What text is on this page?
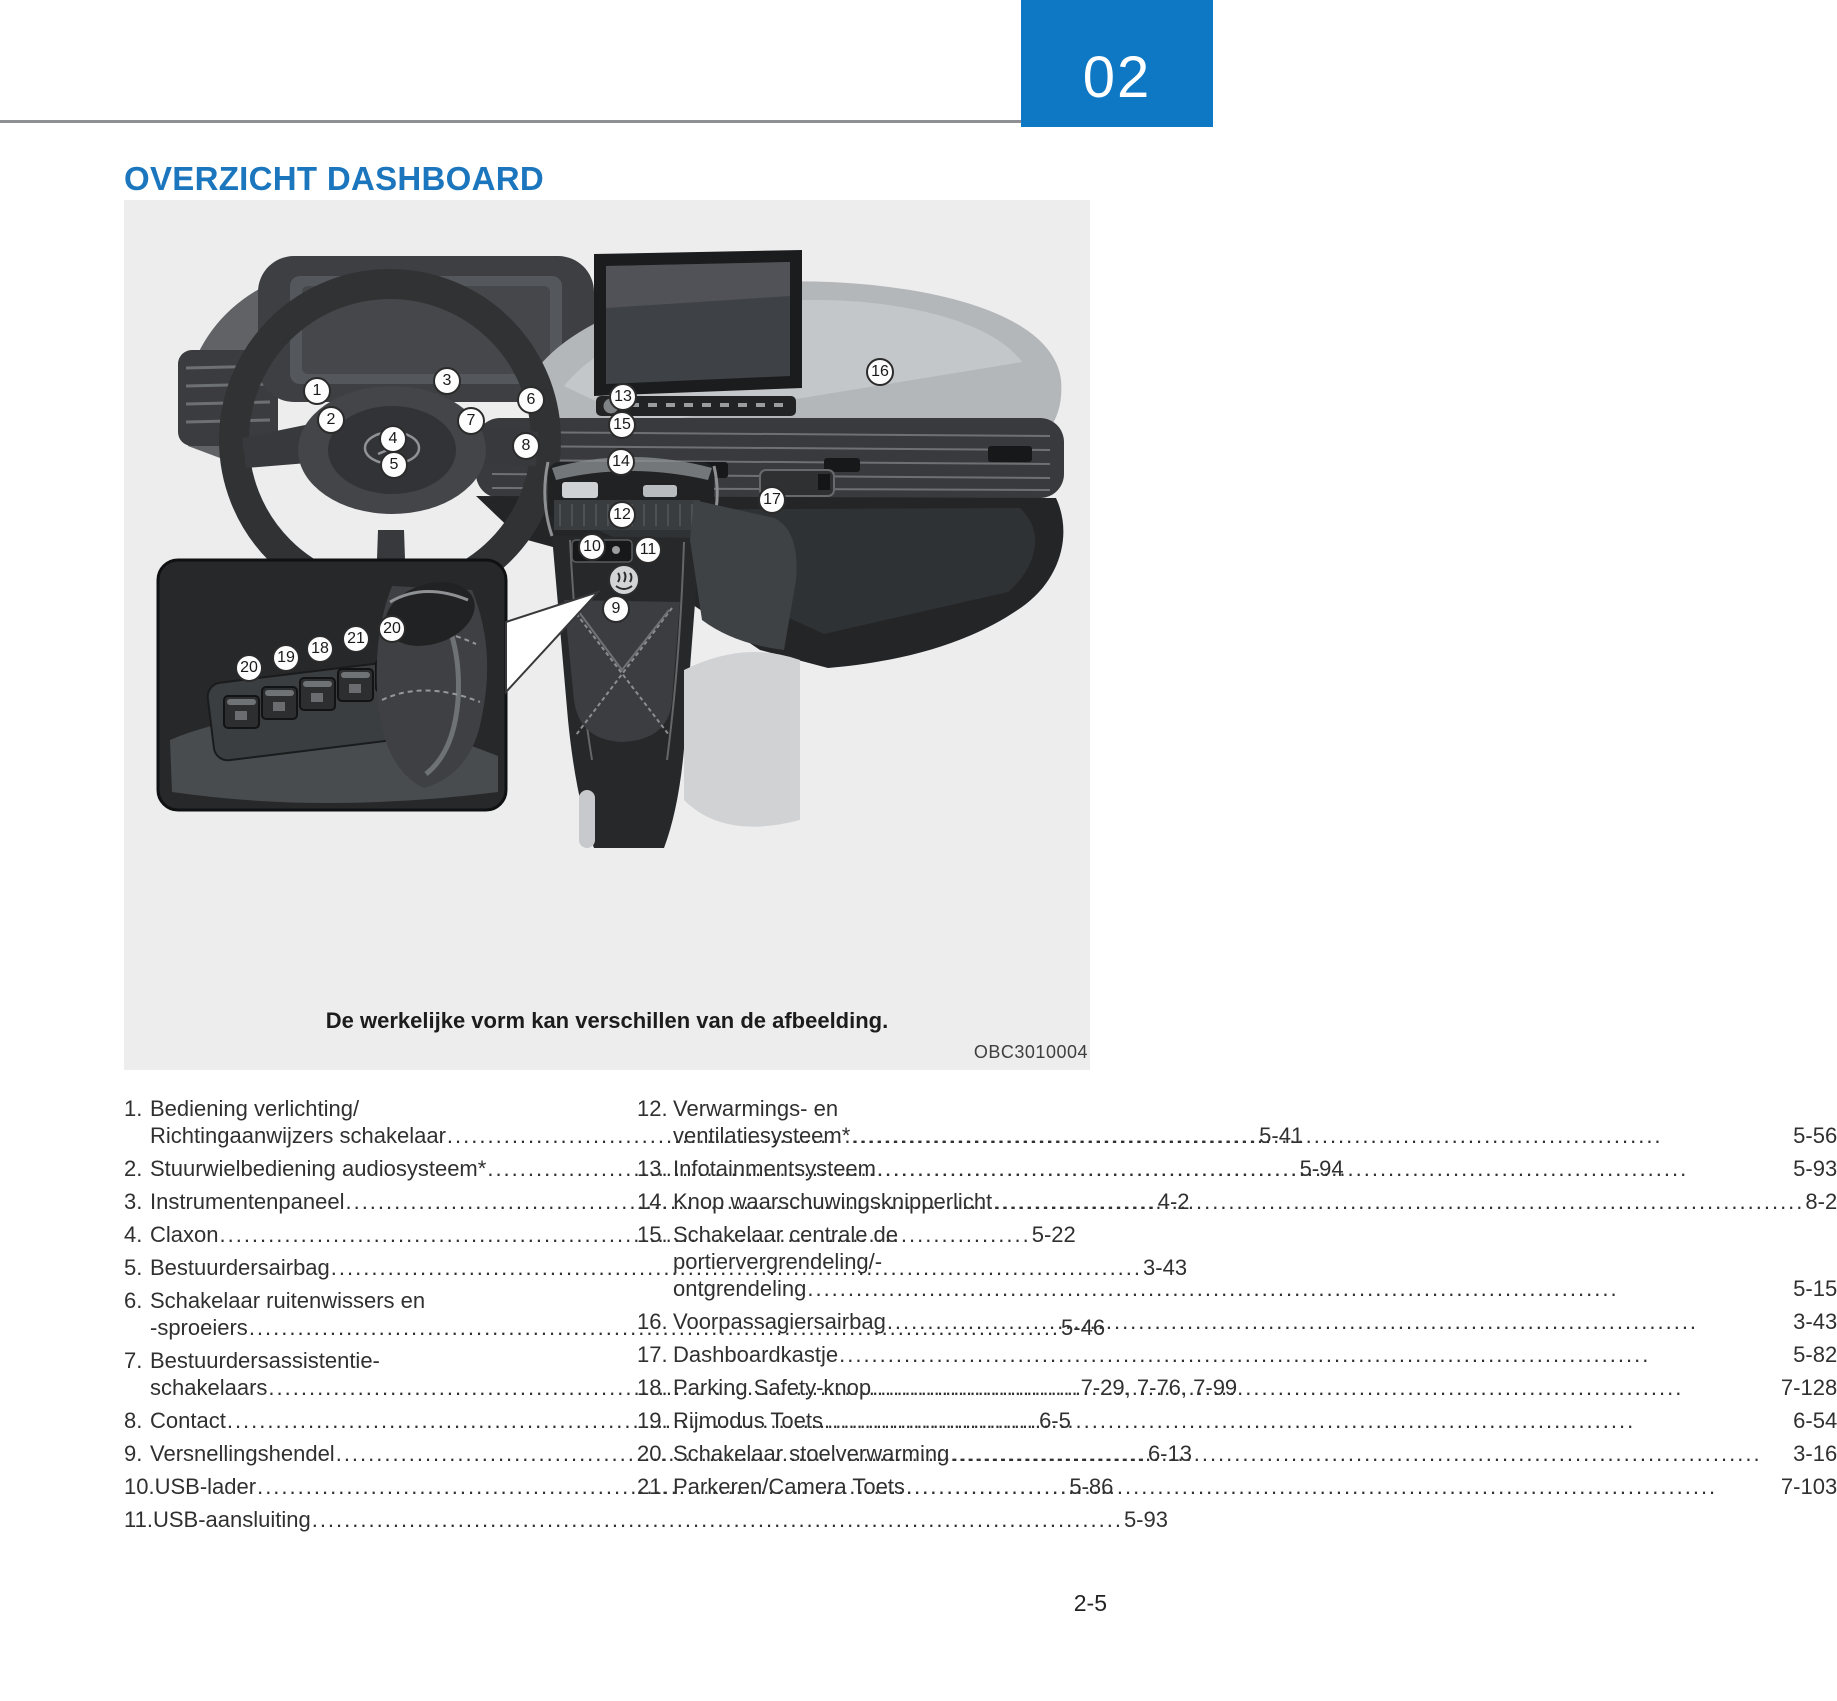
02
OVERZICHT DASHBOARD
1
2
3
4
5
6
7
8
9
10	11
12
13
14
15
16
17
20
19
18
21
20
De werkelijke vorm kan verschillen van de afbeelding.
OBC3010004
1. Bediening verlichting/
Richtingaanwijzers schakelaar .....	5-41
2. Stuurwielbediening audiosysteem* .....	5-94
3. Instrumentenpaneel .....	4-2
4. Claxon .....	5-22
5. Bestuurdersairbag .....	3-43
6. Schakelaar ruitenwissers en
-sproeiers .....	5-46
7. Bestuurdersassistentie-
schakelaars .....	7-29, 7-76, 7-99
8. Contact .....	6-5
9. Versnellingshendel .....	6-13
10. USB-lader .....	5-86
11. USB-aansluiting .....	5-93
12. Verwarmings- en
ventilatiesysteem* .....	5-56
13. Infotainmentsysteem .....	5-93
14. Knop waarschuwingsknipperlicht .....	8-2
15. Schakelaar centrale de
portiervergrendeling/-
ontgrendeling .....	5-15
16. Voorpassagiersairbag .....	3-43
17. Dashboardkastje .....	5-82
18. Parking Safety-knop .....	7-128
19. Rijmodus Toets .....	6-54
20. Schakelaar stoelverwarming .....	3-16
21. Parkeren/Camera Toets .....	7-103
2-5
